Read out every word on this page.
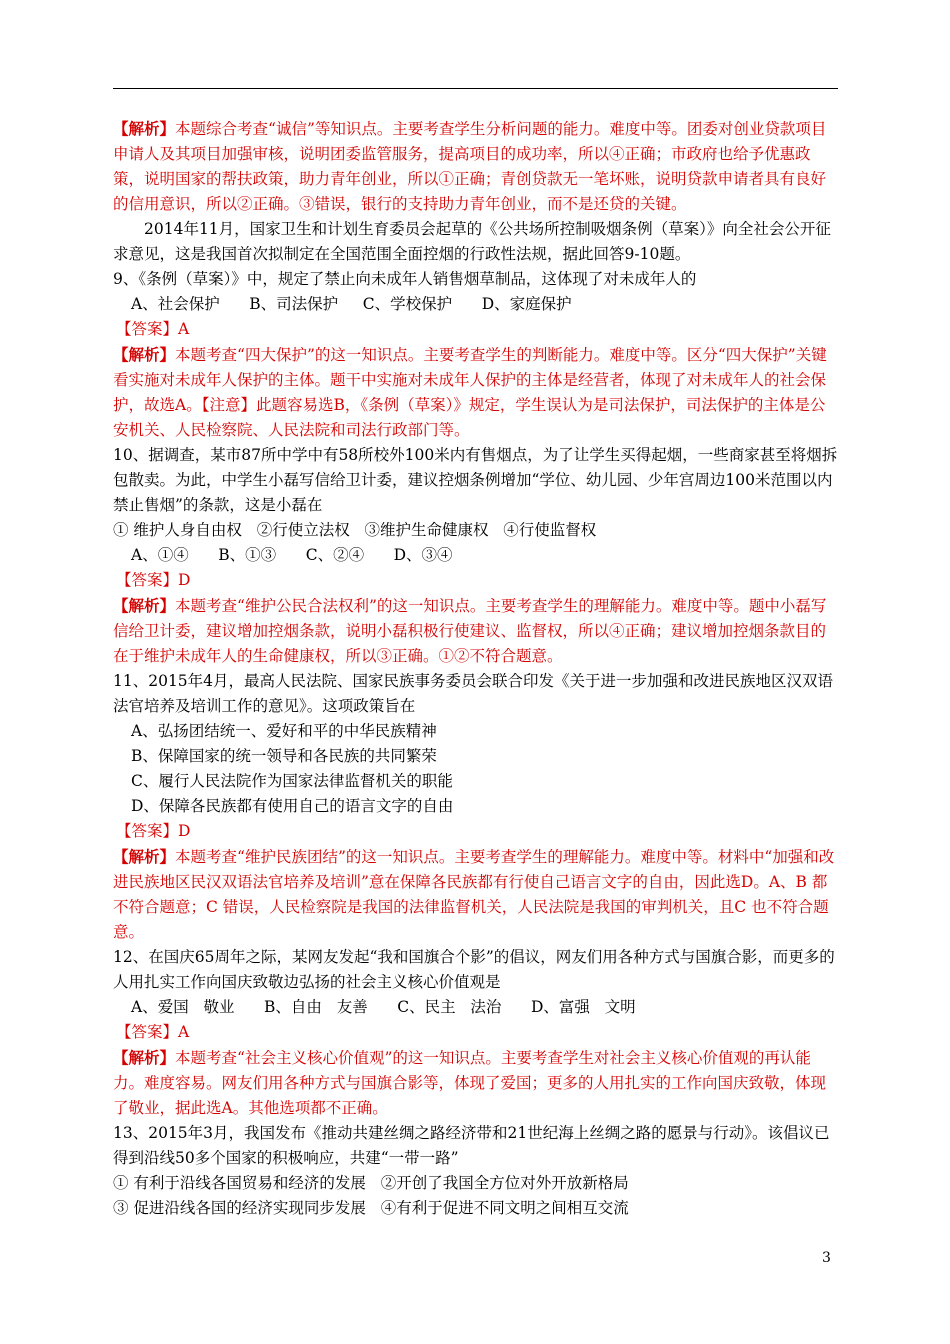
【解析】本题综合考查“诚信”等知识点。主要考查学生分析问题的能力。难度中等。团委对创业贷款项目申请人及其项目加强审核，说明团委监管服务，提高项目的成功率，所以④正确；市政府也给予优惠政策，说明国家的帮扶政策，助力青年创业，所以①正确；青创贷款无一笔坏账，说明贷款申请者具有良好的信用意识，所以②正确。③错误，银行的支持助力青年创业，而不是还贷的关键。

2014年11月，国家卫生和计划生育委员会起草的《公共场所控制吸烟条例（草案）》向全社会公开征求意见，这是我国首次拟制定在全国范围全面控烟的行政性法规，据此回答9-10题。

9、《条例（草案）》中，规定了禁止向未成年人销售烟草制品，这体现了对未成年人的

A、社会保护      B、司法保护     C、学校保护      D、家庭保护

【答案】A

【解析】本题考查“四大保护”的这一知识点。主要考查学生的判断能力。难度中等。区分“四大保护”关键看实施对未成年人保护的主体。题干中实施对未成年人保护的主体是经营者，体现了对未成年人的社会保护，故选A。【注意】此题容易选B，《条例（草案）》规定，学生误认为是司法保护，司法保护的主体是公安机关、人民检察院、人民法院和司法行政部门等。

10、据调查，某市87所中学中有58所校外100米内有售烟点，为了让学生买得起烟，一些商家甚至将烟拆包散卖。为此，中学生小磊写信给卫计委，建议控烟条例增加“学位、幼儿园、少年宫周边100米范围以内禁止售烟”的条款，这是小磊在

① 维护人身自由权   ②行使立法权   ③维护生命健康权   ④行使监督权

A、①④      B、①③      C、②④      D、③④

【答案】D

【解析】本题考查“维护公民合法权利”的这一知识点。主要考查学生的理解能力。难度中等。题中小磊写信给卫计委，建议增加控烟条款，说明小磊积极行使建议、监督权，所以④正确；建议增加控烟条款目的在于维护未成年人的生命健康权，所以③正确。①②不符合题意。

11、2015年4月，最高人民法院、国家民族事务委员会联合印发《关于进一步加强和改进民族地区汉双语法官培养及培训工作的意见》。这项政策旨在

A、弘扬团结统一、爱好和平的中华民族精神

B、保障国家的统一领导和各民族的共同繁荣

C、履行人民法院作为国家法律监督机关的职能

D、保障各民族都有使用自己的语言文字的自由

【答案】D

【解析】本题考查“维护民族团结”的这一知识点。主要考查学生的理解能力。难度中等。材料中“加强和改进民族地区民汉双语法官培养及培训”意在保障各民族都有行使自己语言文字的自由，因此选D。A、B 都不符合题意；C 错误，人民检察院是我国的法律监督机关，人民法院是我国的审判机关，且C 也不符合题意。

12、在国庆65周年之际，某网友发起“我和国旗合个影”的倡议，网友们用各种方式与国旗合影，而更多的人用扎实工作向国庆致敬边弘扬的社会主义核心价值观是

A、爱国   敬业      B、自由   友善      C、民主   法治      D、富强   文明

【答案】A

【解析】本题考查“社会主义核心价值观”的这一知识点。主要考查学生对社会主义核心价值观的再认能力。难度容易。网友们用各种方式与国旗合影等，体现了爱国；更多的人用扎实的工作向国庆致敬，体现了敬业，据此选A。其他选项都不正确。

13、2015年3月，我国发布《推动共建丝绸之路经济带和21世纪海上丝绸之路的愿景与行动》。该倡议已得到沿线50多个国家的积极响应，共建“一带一路”

① 有利于沿线各国贸易和经济的发展   ②开创了我国全方位对外开放新格局

③ 促进沿线各国的经济实现同步发展   ④有利于促进不同文明之间相互交流

3
